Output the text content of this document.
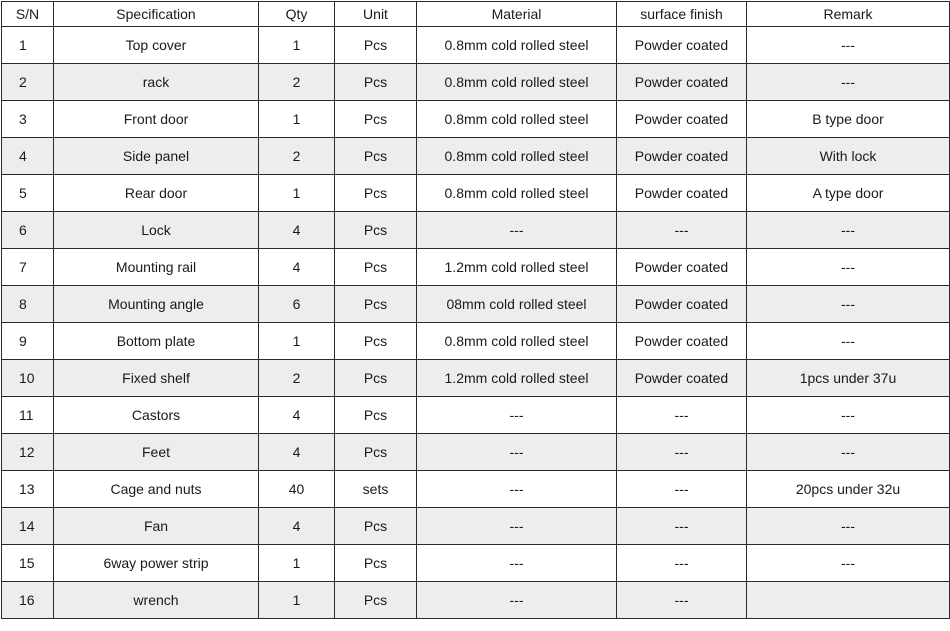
S/N	Specification	Qty	Unit	Material	surface finish	Remark
1	Top cover	1	Pcs	0.8mm cold rolled steel	Powder coated	---
2	rack	2	Pcs	0.8mm cold rolled steel	Powder coated	---
3	Front door	1	Pcs	0.8mm cold rolled steel	Powder coated	B type door
4	Side panel	2	Pcs	0.8mm cold rolled steel	Powder coated	With lock
5	Rear door	1	Pcs	0.8mm cold rolled steel	Powder coated	A type door
6	Lock	4	Pcs	---	---	---
7	Mounting rail	4	Pcs	1.2mm cold rolled steel	Powder coated	---
8	Mounting angle	6	Pcs	08mm cold rolled steel	Powder coated	---
9	Bottom plate	1	Pcs	0.8mm cold rolled steel	Powder coated	---
10	Fixed shelf	2	Pcs	1.2mm cold rolled steel	Powder coated	1pcs under 37u
11	Castors	4	Pcs	---	---	---
12	Feet	4	Pcs	---	---	---
13	Cage and nuts	40	sets	---	---	20pcs under 32u
14	Fan	4	Pcs	---	---	---
15	6way power strip	1	Pcs	---	---	---
16	wrench	1	Pcs	---	---	
